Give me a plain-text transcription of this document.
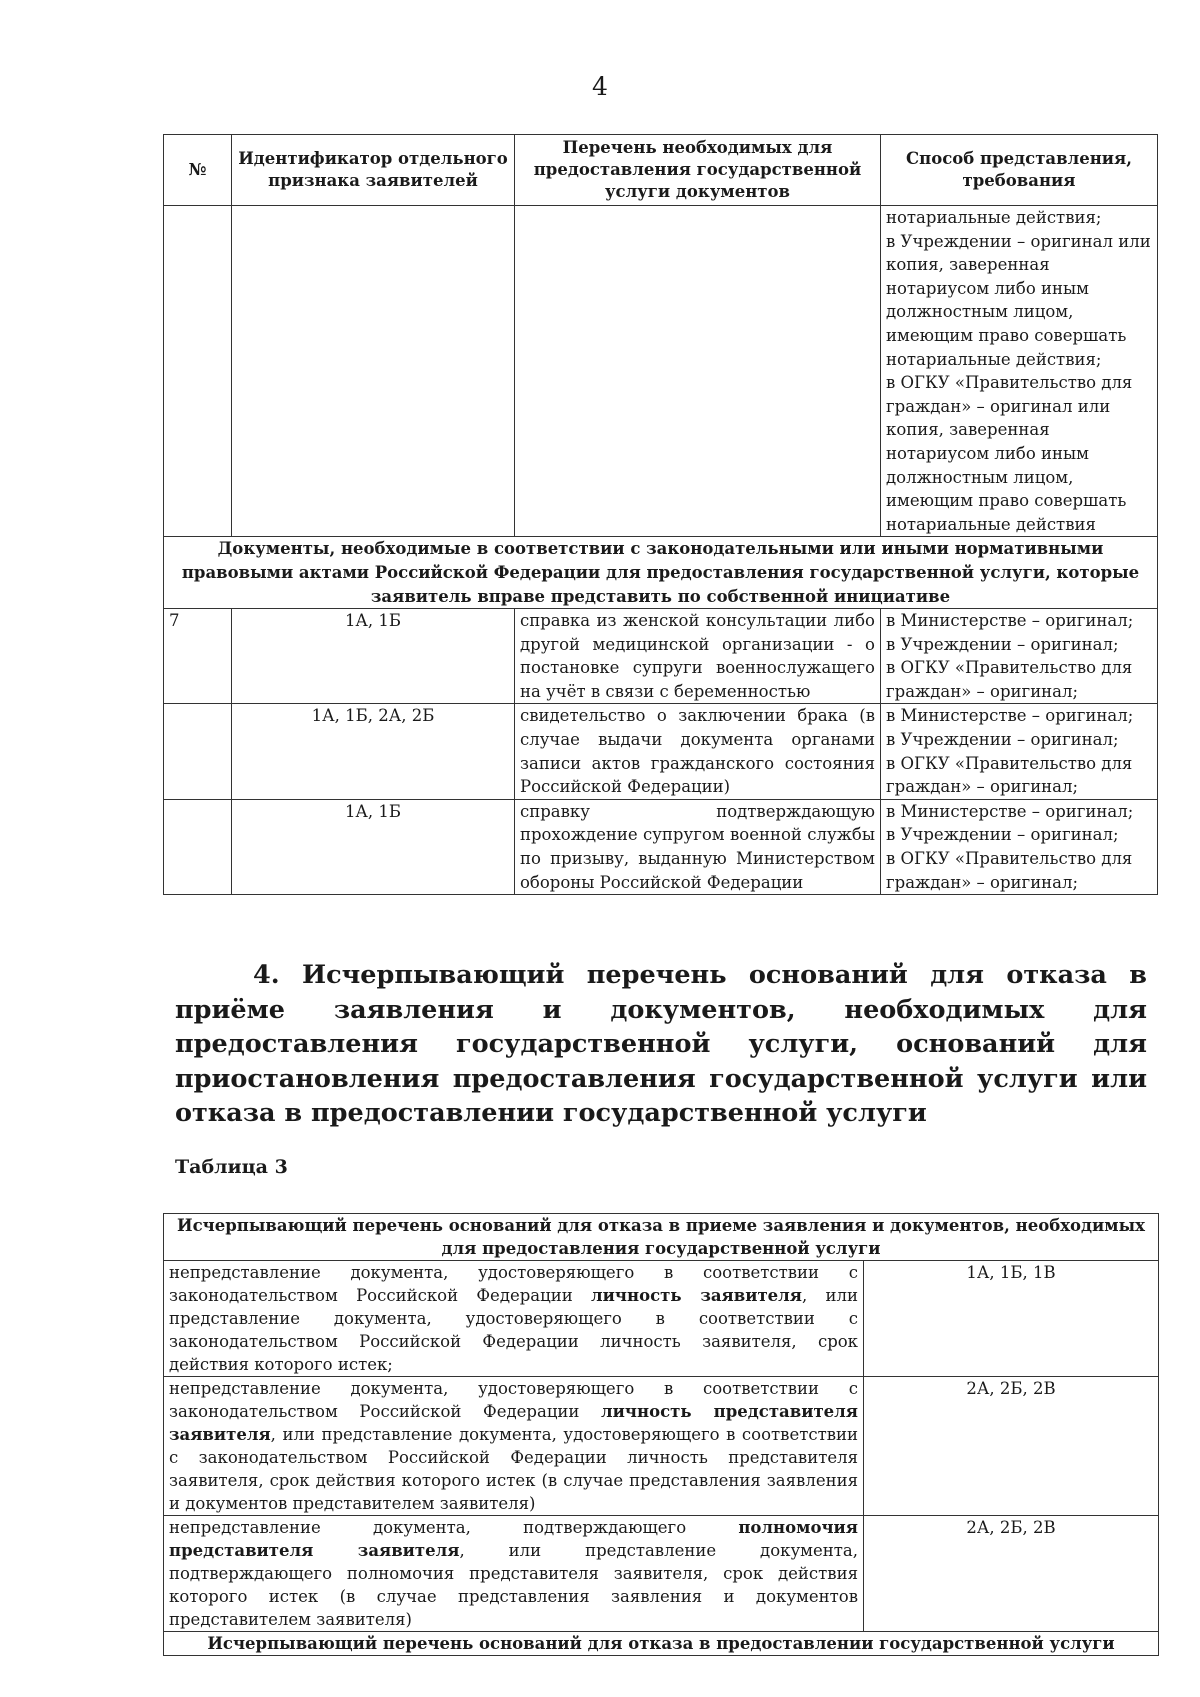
4
№	Идентификатор отдельного признака заявителей	Перечень необходимых для предоставления государственной услуги документов	Способ представления, требования
			нотариальные действия;
в Учреждении – оригинал или копия, заверенная нотариусом либо иным должностным лицом, имеющим право совершать нотариальные действия;
в ОГКУ «Правительство для граждан» – оригинал или копия, заверенная нотариусом либо иным должностным лицом, имеющим право совершать нотариальные действия
Документы, необходимые в соответствии с законодательными или иными нормативными правовыми актами Российской Федерации для предоставления государственной услуги, которые заявитель вправе представить по собственной инициативе			
7	1А, 1Б	справка из женской консультации либо другой медицинской организации - о постановке супруги военнослужащего на учёт в связи с беременностью	в Министерстве – оригинал;
в Учреждении – оригинал;
в ОГКУ «Правительство для граждан» – оригинал;
	1А, 1Б, 2А, 2Б	свидетельство о заключении брака (в случае выдачи документа органами записи актов гражданского состояния Российской Федерации)	в Министерстве – оригинал;
в Учреждении – оригинал;
в ОГКУ «Правительство для граждан» – оригинал;
	1А, 1Б	справку подтверждающую прохождение супругом военной службы по призыву, выданную Министерством обороны Российской Федерации	в Министерстве – оригинал;
в Учреждении – оригинал;
в ОГКУ «Правительство для граждан» – оригинал;
4. Исчерпывающий перечень оснований для отказа в приёме заявления и документов, необходимых для предоставления государственной услуги, оснований для приостановления предоставления государственной услуги или отказа в предоставлении государственной услуги
Таблица 3
Исчерпывающий перечень оснований для отказа в приеме заявления и документов, необходимых для предоставления государственной услуги	
непредставление документа, удостоверяющего в соответствии с законодательством Российской Федерации личность заявителя, или представление документа, удостоверяющего в соответствии с законодательством Российской Федерации личность заявителя, срок действия которого истек;	1А, 1Б, 1В
непредставление документа, удостоверяющего в соответствии с законодательством Российской Федерации личность представителя заявителя, или представление документа, удостоверяющего в соответствии с законодательством Российской Федерации личность представителя заявителя, срок действия которого истек (в случае представления заявления и документов представителем заявителя)	2А, 2Б, 2В
непредставление документа, подтверждающего полномочия представителя заявителя, или представление документа, подтверждающего полномочия представителя заявителя, срок действия которого истек (в случае представления заявления и документов представителем заявителя)	2А, 2Б, 2В
Исчерпывающий перечень оснований для отказа в предоставлении государственной услуги	
